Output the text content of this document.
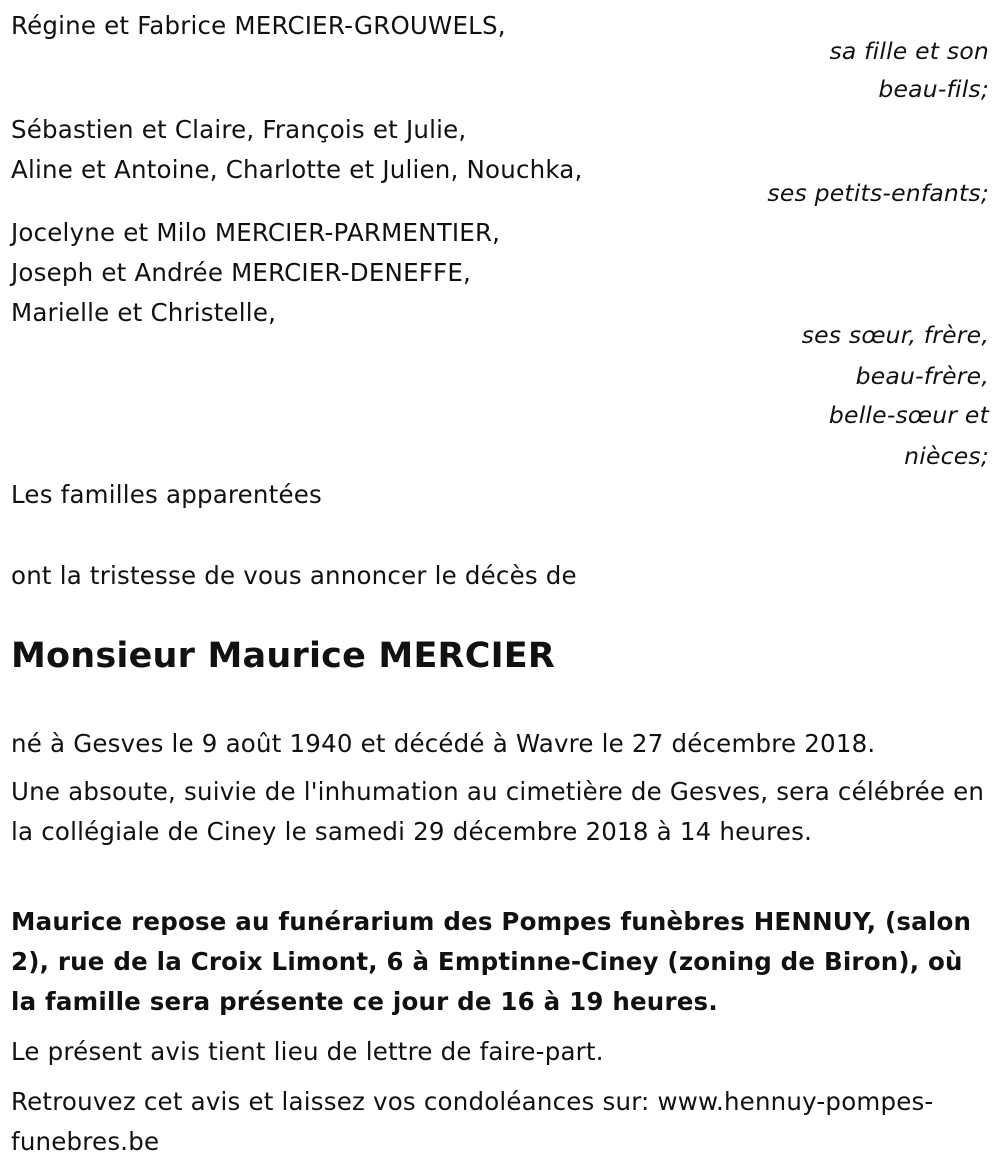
Régine et Fabrice MERCIER-GROUWELS,
sa fille et son
beau-fils;
Sébastien et Claire, François et Julie,
Aline et Antoine, Charlotte et Julien, Nouchka,
ses petits-enfants;
Jocelyne et Milo MERCIER-PARMENTIER,
Joseph et Andrée MERCIER-DENEFFE,
Marielle et Christelle,
ses sœur, frère,
beau-frère,
belle-sœur et
nièces;
Les familles apparentées
ont la tristesse de vous annoncer le décès de
Monsieur Maurice MERCIER
né à Gesves le 9 août 1940 et décédé à Wavre le 27 décembre 2018.
Une absoute, suivie de l'inhumation au cimetière de Gesves, sera célébrée en la collégiale de Ciney le samedi 29 décembre 2018 à 14 heures.
Maurice repose au funérarium des Pompes funèbres HENNUY, (salon 2), rue de la Croix Limont, 6 à Emptinne-Ciney (zoning de Biron), où la famille sera présente ce jour de 16 à 19 heures.
Le présent avis tient lieu de lettre de faire-part.
Retrouvez cet avis et laissez vos condoléances sur: www.hennuy-pompes-funebres.be
